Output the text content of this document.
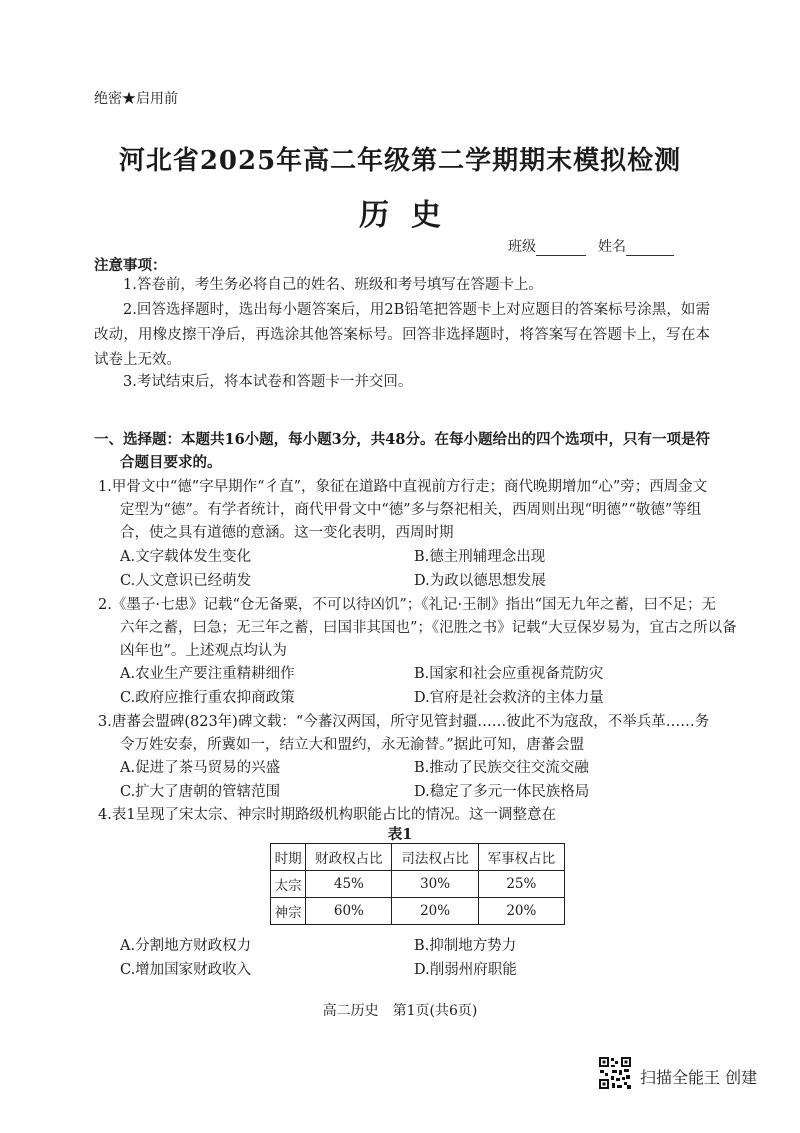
绝密★启用前
河北省2025年高二年级第二学期期末模拟检测
历史
班级	姓名
注意事项：
1.答卷前，考生务必将自己的姓名、班级和考号填写在答题卡上。
2.回答选择题时，选出每小题答案后，用2B铅笔把答题卡上对应题目的答案标号涂黑，如需改动，用橡皮擦干净后，再选涂其他答案标号。回答非选择题时，将答案写在答题卡上，写在本试卷上无效。
3.考试结束后，将本试卷和答题卡一并交回。
一、选择题：本题共16小题，每小题3分，共48分。在每小题给出的四个选项中，只有一项是符
合题目要求的。
1.甲骨文中“德”字早期作“彳直”，象征在道路中直视前方行走；商代晚期增加“心”旁；西周金文
定型为“德”。有学者统计，商代甲骨文中“德”多与祭祀相关，西周则出现“明德”“敬德”等组
合，使之具有道德的意涵。这一变化表明，西周时期
A.文字载体发生变化	B.德主刑辅理念出现
C.人文意识已经萌发	D.为政以德思想发展
2.《墨子·七患》记载“仓无备粟，不可以待凶饥”；《礼记·王制》指出“国无九年之蓄，曰不足；无
六年之蓄，曰急；无三年之蓄，曰国非其国也”；《氾胜之书》记载“大豆保岁易为，宜古之所以备
凶年也”。上述观点均认为
A.农业生产要注重精耕细作	B.国家和社会应重视备荒防灾
C.政府应推行重农抑商政策	D.官府是社会救济的主体力量
3.唐蕃会盟碑(823年)碑文载：“今蕃汉两国，所守见管封疆……彼此不为寇敌，不举兵革……务
令万姓安泰，所冀如一，结立大和盟约，永无渝替。”据此可知，唐蕃会盟
A.促进了茶马贸易的兴盛	B.推动了民族交往交流交融
C.扩大了唐朝的管辖范围	D.稳定了多元一体民族格局
4.表1呈现了宋太宗、神宗时期路级机构职能占比的情况。这一调整意在
表1
时期	财政权占比	司法权占比	军事权占比
太宗	45%	30%	25%
神宗	60%	20%	20%
A.分割地方财政权力	B.抑制地方势力
C.增加国家财政收入	D.削弱州府职能
高二历史　第1页(共6页)
扫描全能王 创建
